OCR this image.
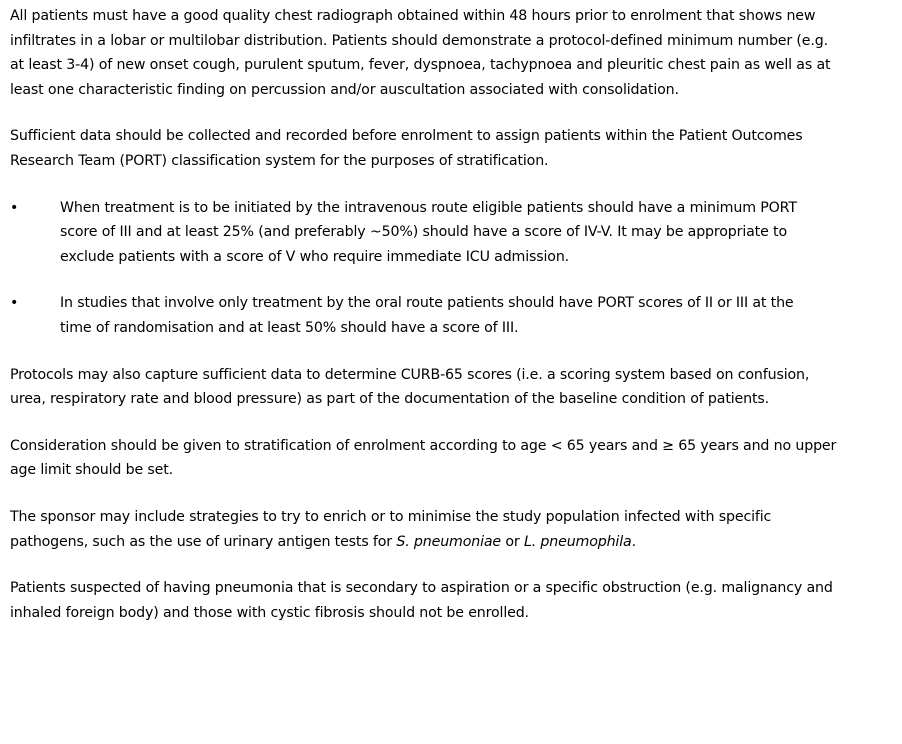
All patients must have a good quality chest radiograph obtained within 48 hours prior to enrolment that shows new infiltrates in a lobar or multilobar distribution. Patients should demonstrate a protocol-defined minimum number (e.g. at least 3-4) of new onset cough, purulent sputum, fever, dyspnoea, tachypnoea and pleuritic chest pain as well as at least one characteristic finding on percussion and/or auscultation associated with consolidation.

Sufficient data should be collected and recorded before enrolment to assign patients within the Patient Outcomes Research Team (PORT) classification system for the purposes of stratification.

•	When treatment is to be initiated by the intravenous route eligible patients should have a minimum PORT score of III and at least 25% (and preferably ~50%) should have a score of IV-V. It may be appropriate to exclude patients with a score of V who require immediate ICU admission.
•	In studies that involve only treatment by the oral route patients should have PORT scores of II or III at the time of randomisation and at least 50% should have a score of III.

Protocols may also capture sufficient data to determine CURB-65 scores (i.e. a scoring system based on confusion, urea, respiratory rate and blood pressure) as part of the documentation of the baseline condition of patients.

Consideration should be given to stratification of enrolment according to age < 65 years and ≥ 65 years and no upper age limit should be set.

The sponsor may include strategies to try to enrich or to minimise the study population infected with specific pathogens, such as the use of urinary antigen tests for S. pneumoniae or L. pneumophila.

Patients suspected of having pneumonia that is secondary to aspiration or a specific obstruction (e.g. malignancy and inhaled foreign body) and those with cystic fibrosis should not be enrolled.
